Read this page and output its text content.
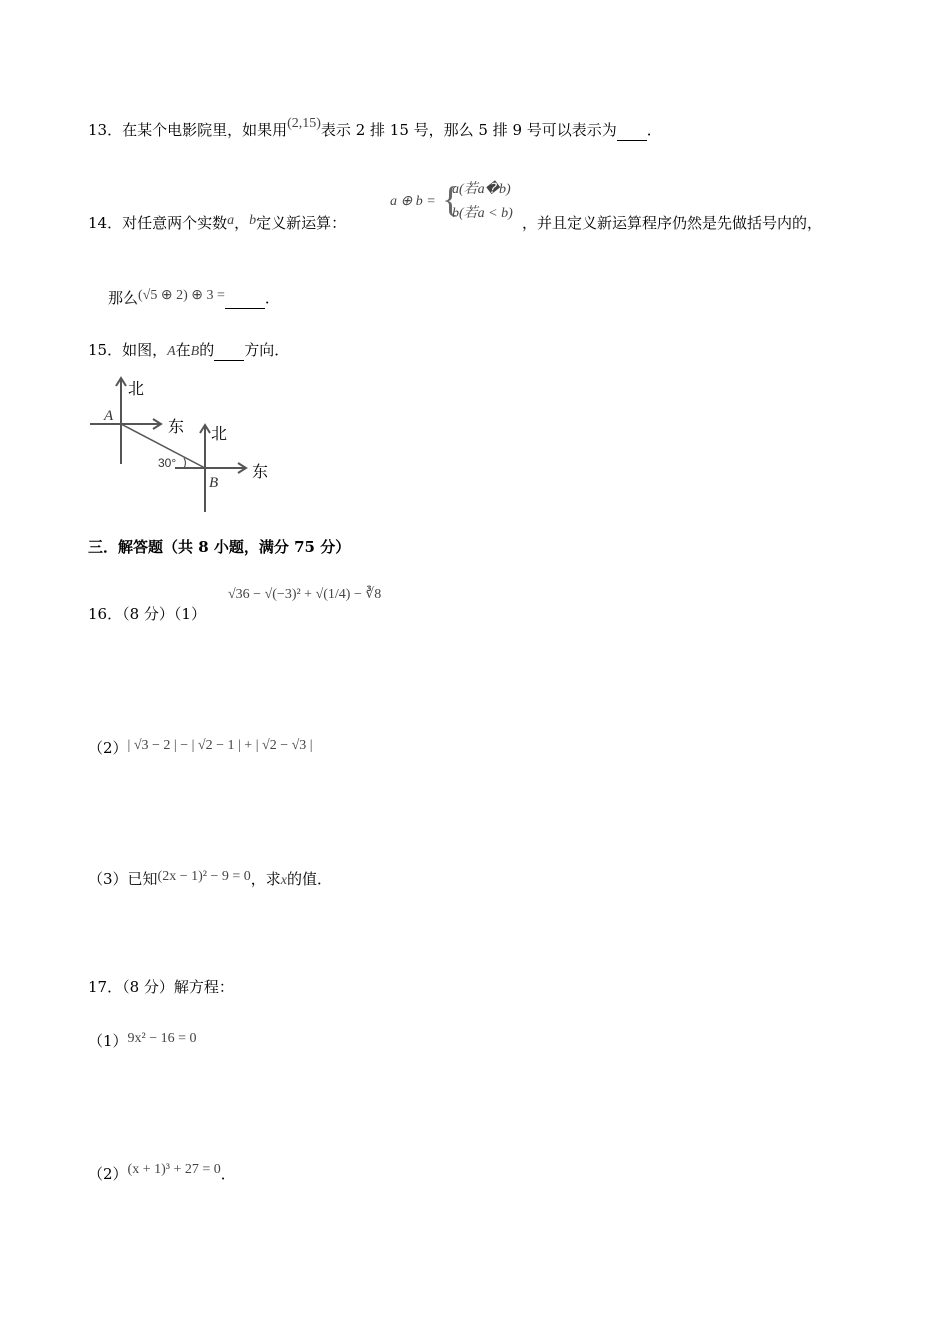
13．在某个电影院里，如果用(2,15)表示 2 排 15 号，那么 5 排 9 号可以表示为 ．
14．对任意两个实数a，b定义新运算：
a ⊕ b = {
a(若a�b)
b(若a < b)
，并且定义新运算程序仍然是先做括号内的，
那么(√5 ⊕ 2) ⊕ 3 =	．
15．如图，A在B的 方向．
北
东 北
东
A
B
30°
三．解答题（共 8 小题，满分 75 分）
16．（8 分）（1）
√36 − √(−3)² + √(1/4) − ∛8
（2）| √3 − 2 | − | √2 − 1 | + | √2 − √3 |
（3）已知(2x − 1)² − 9 = 0，求x的值．
17．（8 分）解方程：
（1）9x² − 16 = 0
（2）(x + 1)³ + 27 = 0．
